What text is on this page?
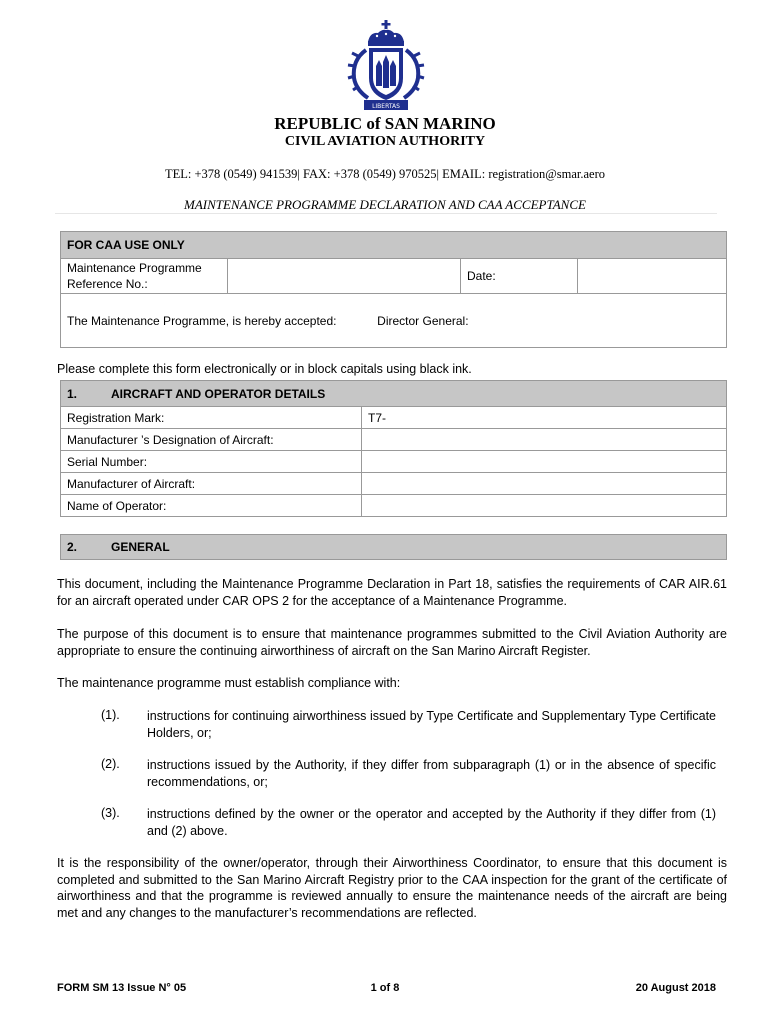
LIBERTAS
REPUBLIC of SAN MARINO
CIVIL AVIATION AUTHORITY
TEL: +378 (0549) 941539| FAX: +378 (0549) 970525| EMAIL: registration@smar.aero
MAINTENANCE PROGRAMME DECLARATION AND CAA ACCEPTANCE
FOR CAA USE ONLY
Maintenance Programme Reference No.:		Date:	
The Maintenance Programme, is hereby accepted:	Director General:
Please complete this form electronically or in block capitals using black ink.
1. AIRCRAFT AND OPERATOR DETAILS	
Registration Mark:	T7-
Manufacturer ’s Designation of Aircraft:	
Serial Number:	
Manufacturer of Aircraft:	
Name of Operator:	
2.	GENERAL
This document, including the Maintenance Programme Declaration in Part 18, satisfies the requirements of CAR AIR.61 for an aircraft operated under CAR OPS 2 for the acceptance of a Maintenance Programme.
The purpose of this document is to ensure that maintenance programmes submitted to the Civil Aviation Authority are appropriate to ensure the continuing airworthiness of aircraft on the San Marino Aircraft Register.
The maintenance programme must establish compliance with:
(1). instructions for continuing airworthiness issued by Type Certificate and Supplementary Type Certificate Holders, or;
(2). instructions issued by the Authority, if they differ from subparagraph (1) or in the absence of specific recommendations, or;
(3). instructions defined by the owner or the operator and accepted by the Authority if they differ from (1) and (2) above.
It is the responsibility of the owner/operator, through their Airworthiness Coordinator, to ensure that this document is completed and submitted to the San Marino Aircraft Registry prior to the CAA inspection for the grant of the certificate of airworthiness and that the programme is reviewed annually to ensure the maintenance needs of the aircraft are being met and any changes to the manufacturer’s recommendations are reflected.
FORM SM 13 Issue N° 05	1 of 8	20 August 2018
